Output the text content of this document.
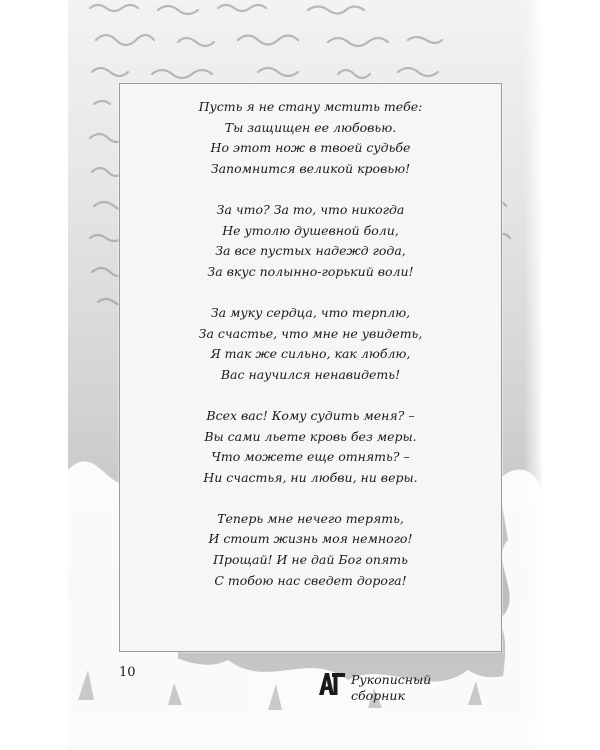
Пусть я не стану мстить тебе:
Ты защищен ее любовью.
Но этот нож в твоей судьбе
Запомнится великой кровью!
За что? За то, что никогда
Не утолю душевной боли,
За все пустых надежд года,
За вкус полынно-горький воли!
За муку сердца, что терплю,
За счастье, что мне не увидеть,
Я так же сильно, как люблю,
Вас научился ненавидеть!
Всех вас! Кому судить меня? –
Вы сами льете кровь без меры.
Что можете еще отнять? –
Ни счастья, ни любви, ни веры.
Теперь мне нечего терять,
И стоит жизнь моя немного!
Прощай! И не дай Бог опять
С тобою нас сведет дорога!
10	Рукописный
сборник
